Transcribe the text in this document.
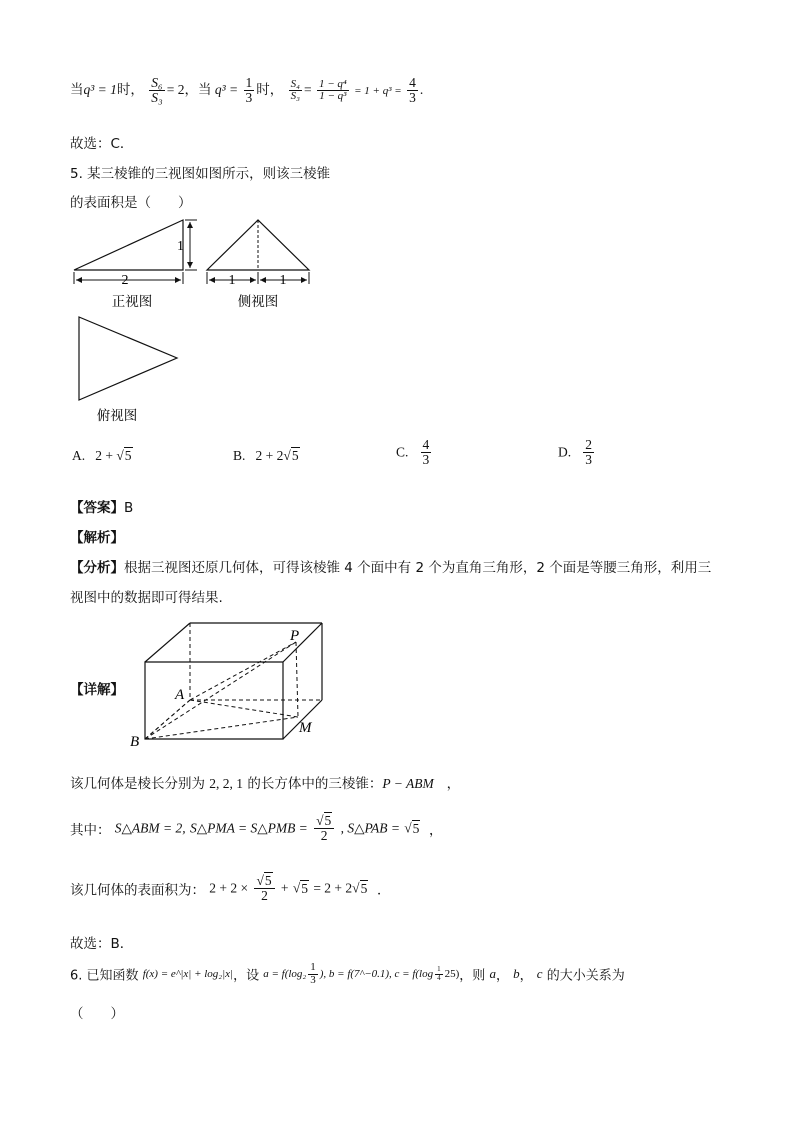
当q³ = 1时， $\frac{\text{S₆}}{\text{S₃}} = 2$，当 $q^3 = \frac{1}{3}$ 时， $\frac{\text{S₄}}{\text{S₃}} = \frac{\text{1 − q⁴}}{\text{1 − q³}} = 1 + q^3 = \frac{4}{3}$ .
故选：C．
5. 某三棱锥的三视图如图所示，则该三棱锥
的表面积是（　　）
2
1
正视图
1	1
侧视图
俯视图
A. 2 + √5	B. 2 + 2√5	C. $\frac{4}{3}$	D. $\frac{2}{3}$
【答案】B
【解析】
【分析】根据三视图还原几何体，可得该棱锥 4 个面中有 2 个为直角三角形，2 个面是等腰三角形，利用三
视图中的数据即可得结果.
【详解】
P
A
B
M
该几何体是棱长分别为 2, 2, 1 的长方体中的三棱锥：P − ABM ，
其中： S△ABM = 2, S△PMA = S△PMB = $\frac{√5}{2}$ , S△PAB = √5 ，
该几何体的表面积为： $2 + 2 \times \frac{√5}{2} + √5 = 2 + 2√5$ ．
故选：B．
6. 已知函数 f(x) = e^|x| + log₂|x|，设 $a = f(\log_2 \frac{1}{3}$ ), b = f(7^−0.1), $c = f(\log \frac{1}{4} 25)$，则 a， b， c 的大小关系为
（　　）
